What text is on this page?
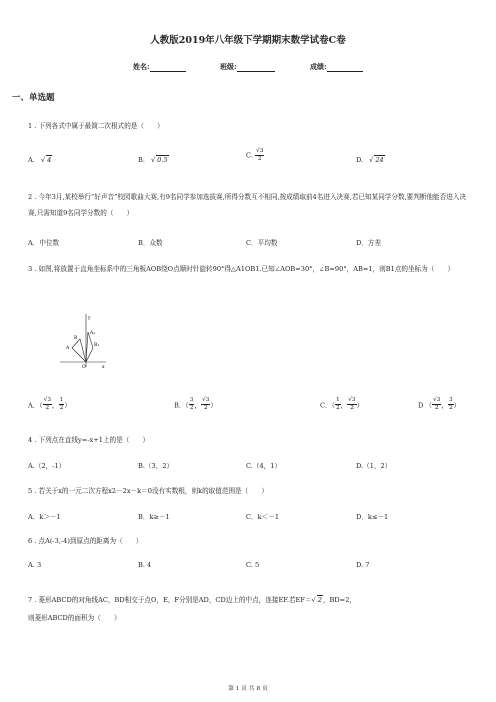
人教版2019年八年级下学期期末数学试卷C卷
姓名:	班级:	成绩:
一、单选题
1 . 下列各式中属于最简二次根式的是（　　）
A. √ 4	B. √ 0.5
C. $\frac{√3}{2}$	D. √ 24
2 . 今年3月,某校举行“好声音”校园歌曲大赛,有9名同学参加选拔赛,所得分数互不相同,按成绩取前4名进入决赛,若已知某同学分数,要判断他能否进入决赛,只需知道9名同学分数的（　　）
A．中位数	B．众数	C．平均数	D．方差
3 . 如图,将放置于直角坐标系中的三角板AOB绕O点顺时针旋转90°得△A1OB1.已知∠AOB=30°，∠B=90°，AB=1，则B1点的坐标为（　　）
y
x
A
B
O
B₁
A₁
A．（ $\frac{√3}{2}$ ， $\frac{1}{2}$ ）	B．（ $\frac{3}{2}$ ， $\frac{√3}{2}$ ）	C．（ $\frac{1}{2}$ ， $\frac{√3}{2}$ ）	D （ $\frac{√3}{2}$ ， $\frac{3}{2}$ ）
4 . 下列点在直线y=-x+1上的是（　　）
A.（2，-1）	B.（3，2）	C.（4，1）	D.（1，2）
5 . 若关于x的一元二次方程x2－2x－k＝0没有实数根，则k的取值范围是（　　）
A．k＞－1	B．k≥－1	C．k＜－1	D．k≤－1
6 . 点A(-3,-4)到原点的距离为（　　）
A. 3	B. 4	C. 5	D. 7
7 . 菱形ABCD的对角线AC，BD相交于点O，E，F分别是AD，CD边上的中点，连接EF.若EF＝√ 2，BD=2，
则菱形ABCD的面积为（　　）
第 1 页 共 8 页
